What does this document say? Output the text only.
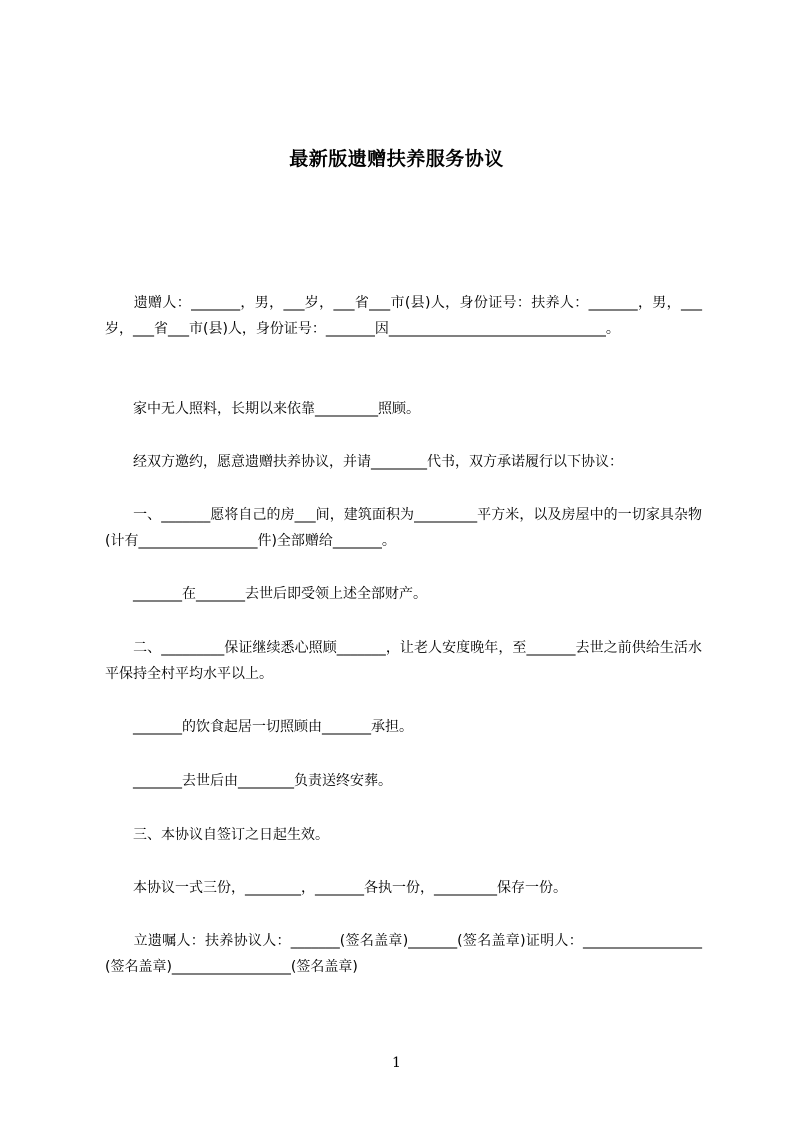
最新版遗赠扶养服务协议

　　遗赠人：_______，男，___岁，___省___市(县)人，身份证号：扶养人：_______，男，___岁，___省___市(县)人，身份证号：_______因_______________________________。

　　家中无人照料，长期以来依靠_________照顾。

　　经双方邀约，愿意遗赠扶养协议，并请________代书，双方承诺履行以下协议：

　　一、_______愿将自己的房___间，建筑面积为_________平方米，以及房屋中的一切家具杂物(计有_________________件)全部赠给_______。

　　_______在_______去世后即受领上述全部财产。

　　二、_________保证继续悉心照顾_______，让老人安度晚年，至_______去世之前供给生活水平保持全村平均水平以上。

　　_______的饮食起居一切照顾由_______承担。

　　_______去世后由________负责送终安葬。

　　三、本协议自签订之日起生效。

　　本协议一式三份，________，_______各执一份，_________保存一份。

　　立遗嘱人：扶养协议人：_______(签名盖章)_______(签名盖章)证明人：_________________(签名盖章)_________________(签名盖章)

1
